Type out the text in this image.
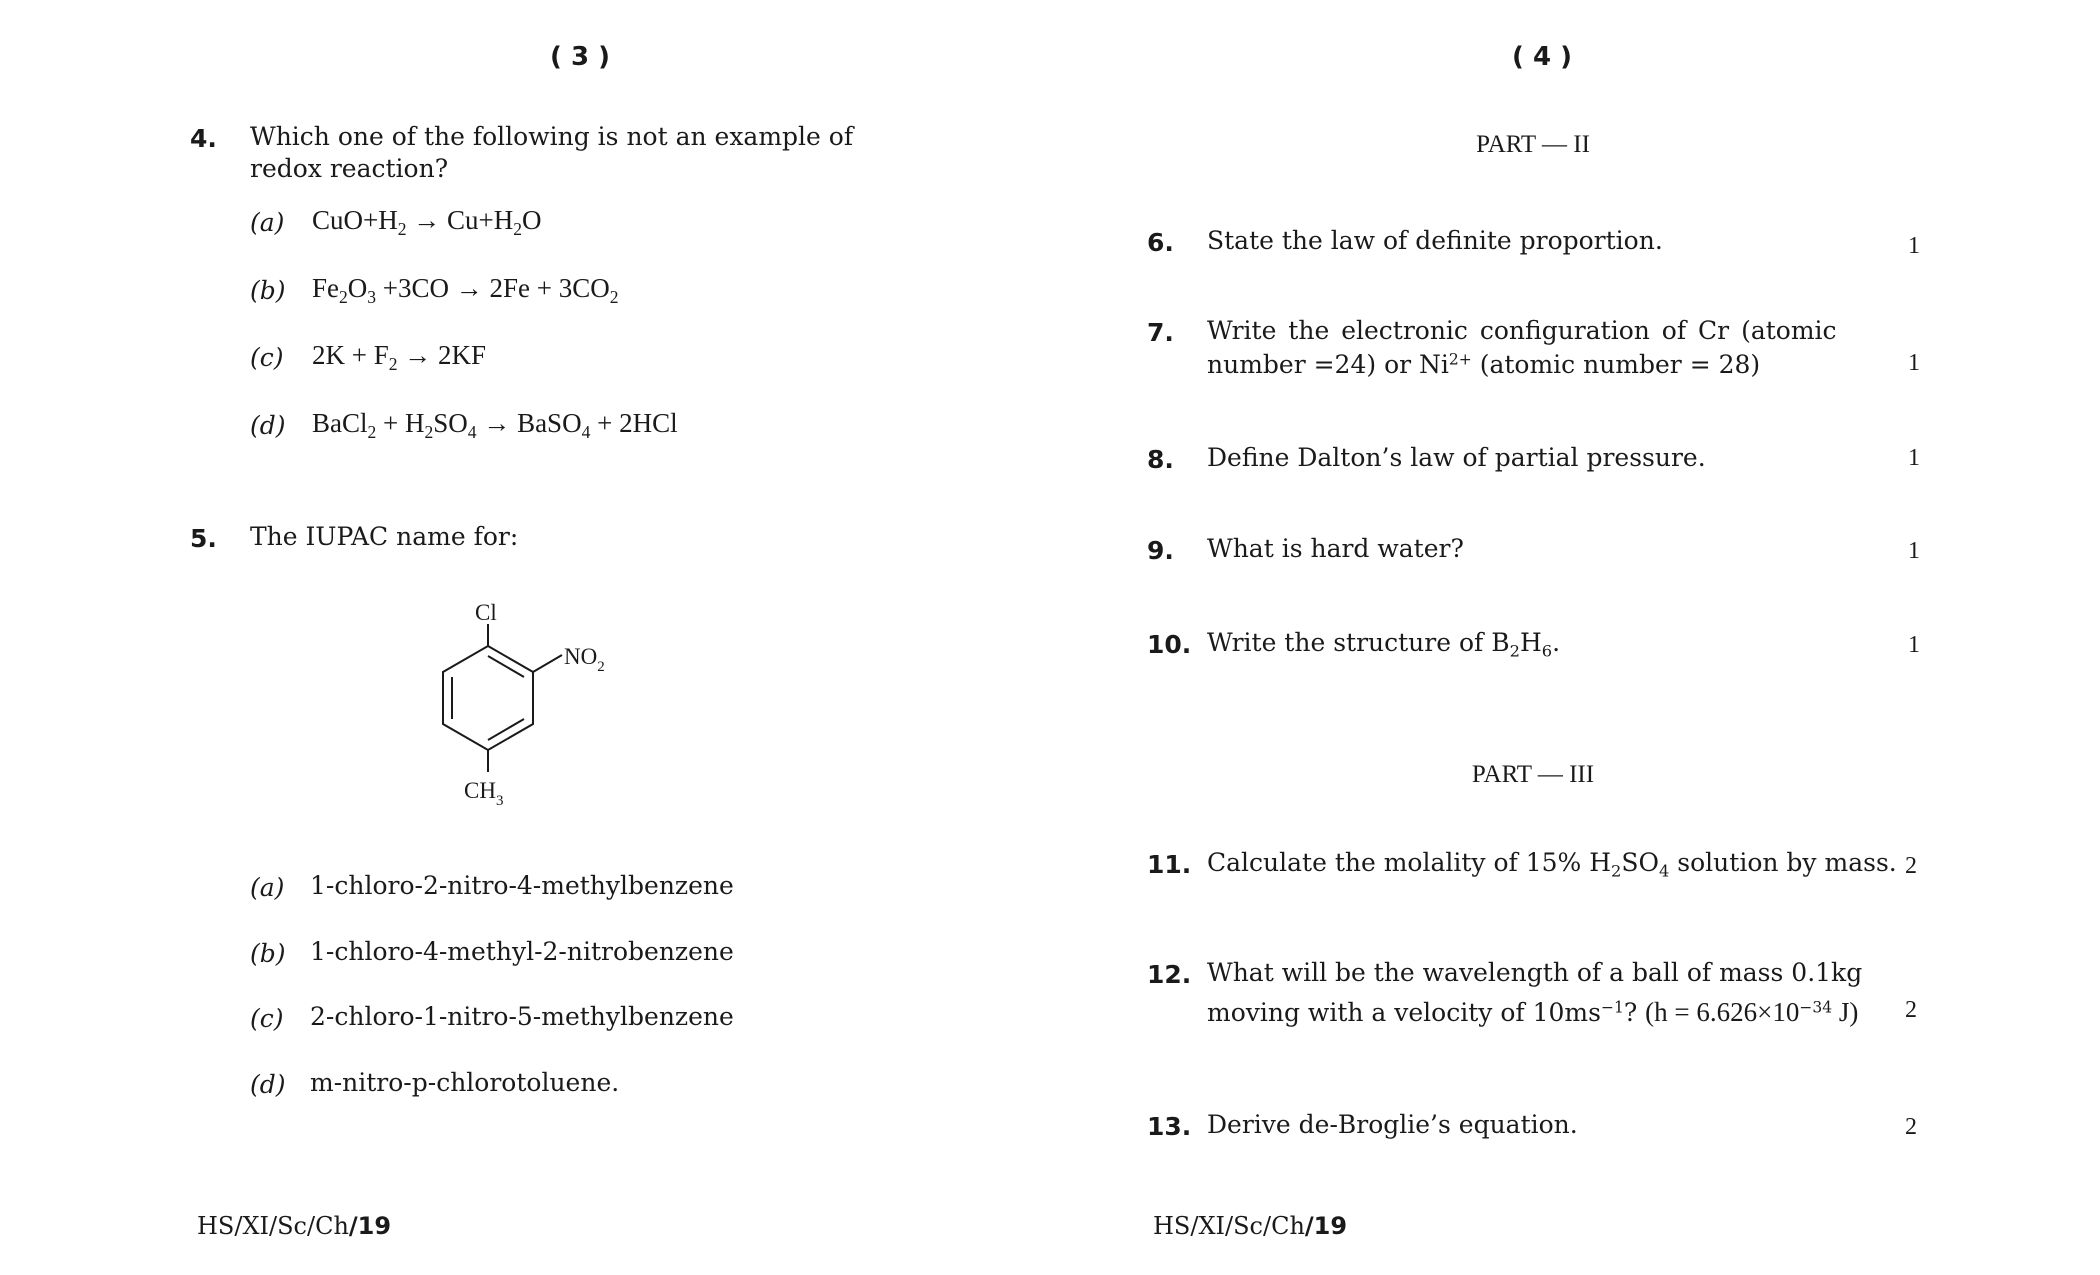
( 3 )
4. Which one of the following is not an example of redox reaction?
(a) $CuO+H_2 \to Cu+H_2O$
(b) $Fe_2O_3 +3CO \to 2Fe + 3CO_2$
(c) $2K + F_2 \to 2KF$
(d) BaCl$_2$ + $H_2SO_4$ → BaSO$_4$ + 2HCl
5. The IUPAC name for:
Cl
$NO_2$
$CH_3$
(a) 1-chloro-2-nitro-4-methylbenzene
(b) 1-chloro-4-methyl-2-nitrobenzene
(c) 2-chloro-1-nitro-5-methylbenzene
(d) m-nitro-p-chlorotoluene.
HS/XI/Sc/Ch/19
( 4 )
PART — II
6. State the law of definite proportion.	1
7. Write the electronic configuration of Cr (atomic
number =24) or $Ni^{2+}$ (atomic number = 28)	1
8. Define Dalton’s law of partial pressure.	1
9. What is hard water?	1
10. Write the structure of $B_2H_6$.	1
PART — III
11. Calculate the molality of 15% $H_2SO_4$ solution by mass. 2
12. What will be the wavelength of a ball of mass 0.1kg
moving with a velocity of $10ms^{-1}$? ($h = 6.626\times 10^{-34}$ J) 2
13. Derive de-Broglie’s equation.	2
HS/XI/Sc/Ch/19
